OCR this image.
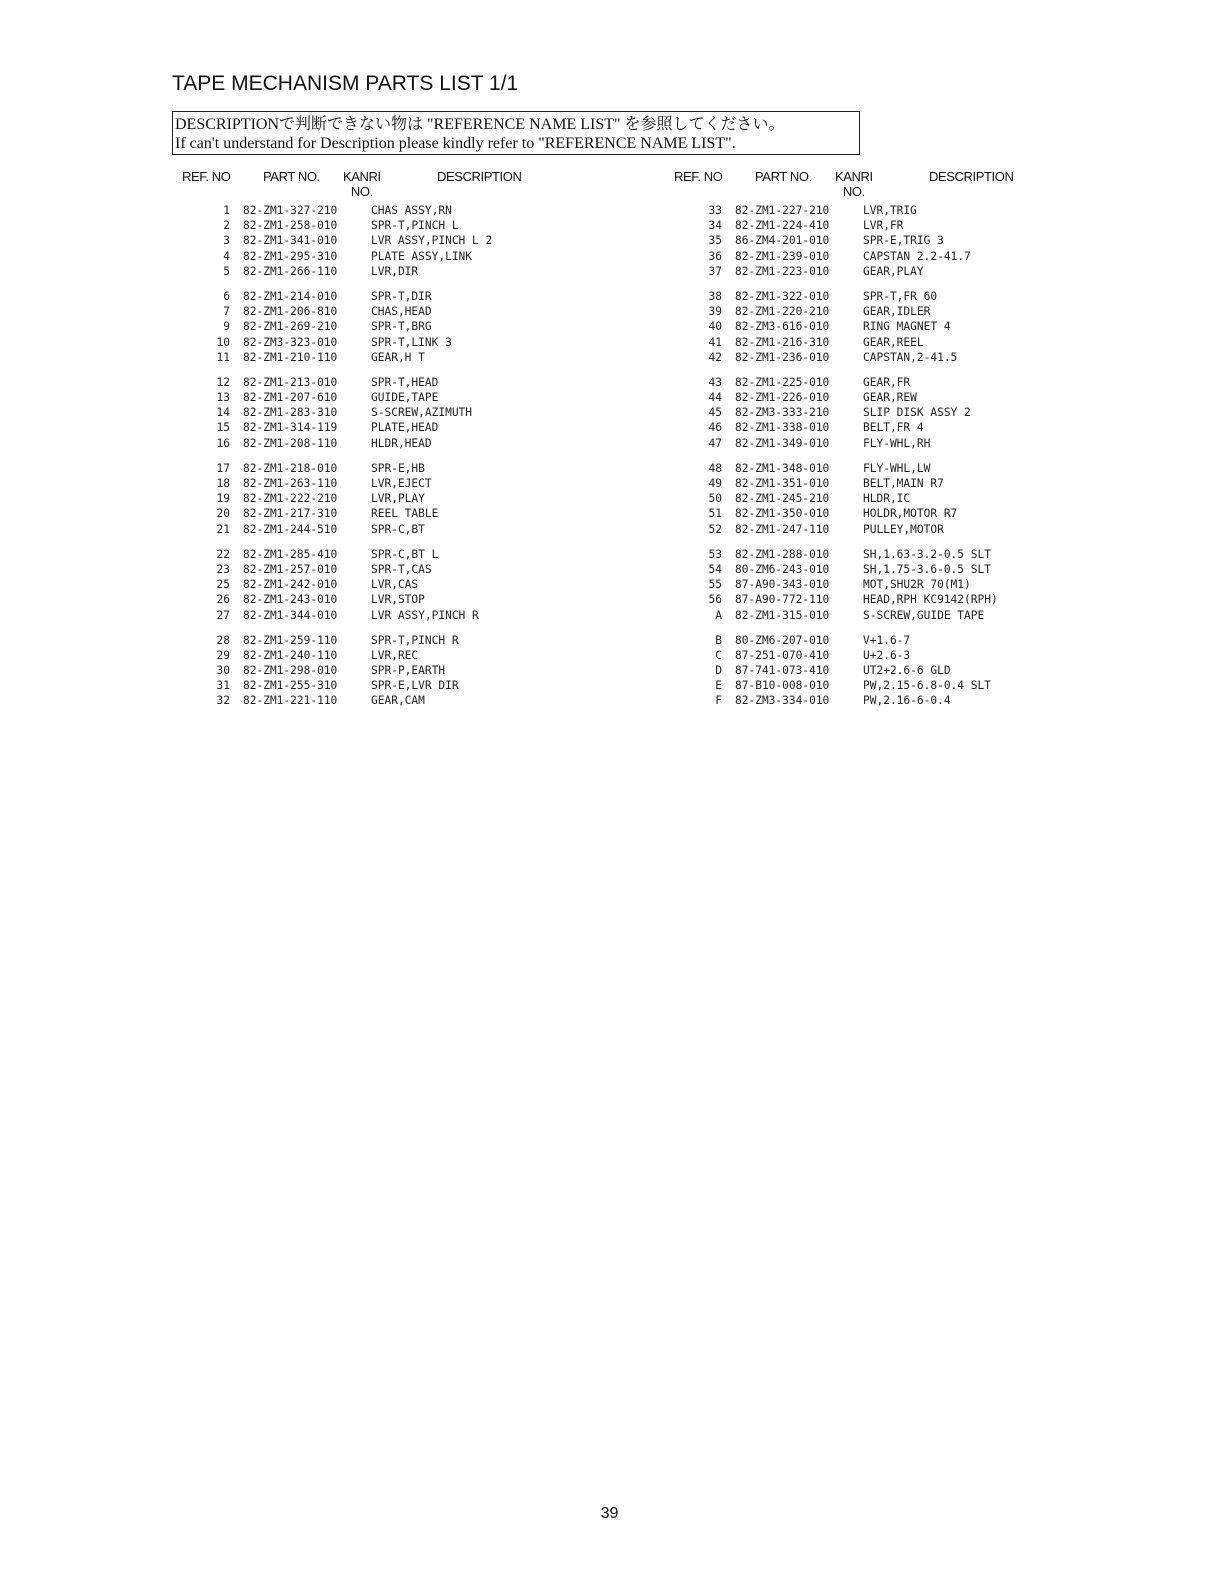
TAPE MECHANISM PARTS LIST 1/1
DESCRIPTIONで判断できない物は "REFERENCE NAME LIST" を参照してください。
If can't understand for Description please kindly refer to "REFERENCE NAME LIST".
REF. NO	PART NO. KANRI
NO.
DESCRIPTION
1 82-ZM1-327-210	CHAS ASSY,RN
2 82-ZM1-258-010	SPR-T,PINCH L
3 82-ZM1-341-010	LVR ASSY,PINCH L 2
4 82-ZM1-295-310	PLATE ASSY,LINK
5 82-ZM1-266-110	LVR,DIR
6 82-ZM1-214-010	SPR-T,DIR
7 82-ZM1-206-810	CHAS,HEAD
9 82-ZM1-269-210	SPR-T,BRG
10 82-ZM3-323-010	SPR-T,LINK 3
11 82-ZM1-210-110	GEAR,H T
12 82-ZM1-213-010	SPR-T,HEAD
13 82-ZM1-207-610	GUIDE,TAPE
14 82-ZM1-283-310	S-SCREW,AZIMUTH
15 82-ZM1-314-119	PLATE,HEAD
16 82-ZM1-208-110	HLDR,HEAD
17 82-ZM1-218-010	SPR-E,HB
18 82-ZM1-263-110	LVR,EJECT
19 82-ZM1-222-210	LVR,PLAY
20 82-ZM1-217-310	REEL TABLE
21 82-ZM1-244-510	SPR-C,BT
22 82-ZM1-285-410	SPR-C,BT L
23 82-ZM1-257-010	SPR-T,CAS
25 82-ZM1-242-010	LVR,CAS
26 82-ZM1-243-010	LVR,STOP
27 82-ZM1-344-010	LVR ASSY,PINCH R
28 82-ZM1-259-110	SPR-T,PINCH R
29 82-ZM1-240-110	LVR,REC
30 82-ZM1-298-010	SPR-P,EARTH
31 82-ZM1-255-310	SPR-E,LVR DIR
32 82-ZM1-221-110	GEAR,CAM
REF. NO	PART NO. KANRI
NO.
DESCRIPTION
33 82-ZM1-227-210	LVR,TRIG
34 82-ZM1-224-410	LVR,FR
35 86-ZM4-201-010	SPR-E,TRIG 3
36 82-ZM1-239-010	CAPSTAN 2.2-41.7
37 82-ZM1-223-010	GEAR,PLAY
38 82-ZM1-322-010	SPR-T,FR 60
39 82-ZM1-220-210	GEAR,IDLER
40 82-ZM3-616-010	RING MAGNET 4
41 82-ZM1-216-310	GEAR,REEL
42 82-ZM1-236-010	CAPSTAN,2-41.5
43 82-ZM1-225-010	GEAR,FR
44 82-ZM1-226-010	GEAR,REW
45 82-ZM3-333-210	SLIP DISK ASSY 2
46 82-ZM1-338-010	BELT,FR 4
47 82-ZM1-349-010	FLY-WHL,RH
48 82-ZM1-348-010	FLY-WHL,LW
49 82-ZM1-351-010	BELT,MAIN R7
50 82-ZM1-245-210	HLDR,IC
51 82-ZM1-350-010	HOLDR,MOTOR R7
52 82-ZM1-247-110	PULLEY,MOTOR
53 82-ZM1-288-010	SH,1.63-3.2-0.5 SLT
54 80-ZM6-243-010	SH,1.75-3.6-0.5 SLT
55 87-A90-343-010	MOT,SHU2R 70(M1)
56 87-A90-772-110	HEAD,RPH KC9142(RPH)
A 82-ZM1-315-010	S-SCREW,GUIDE TAPE
B 80-ZM6-207-010	V+1.6-7
C 87-251-070-410	U+2.6-3
D 87-741-073-410	UT2+2.6-6 GLD
E 87-B10-008-010	PW,2.15-6.8-0.4 SLT
F 82-ZM3-334-010	PW,2.16-6-0.4
39
